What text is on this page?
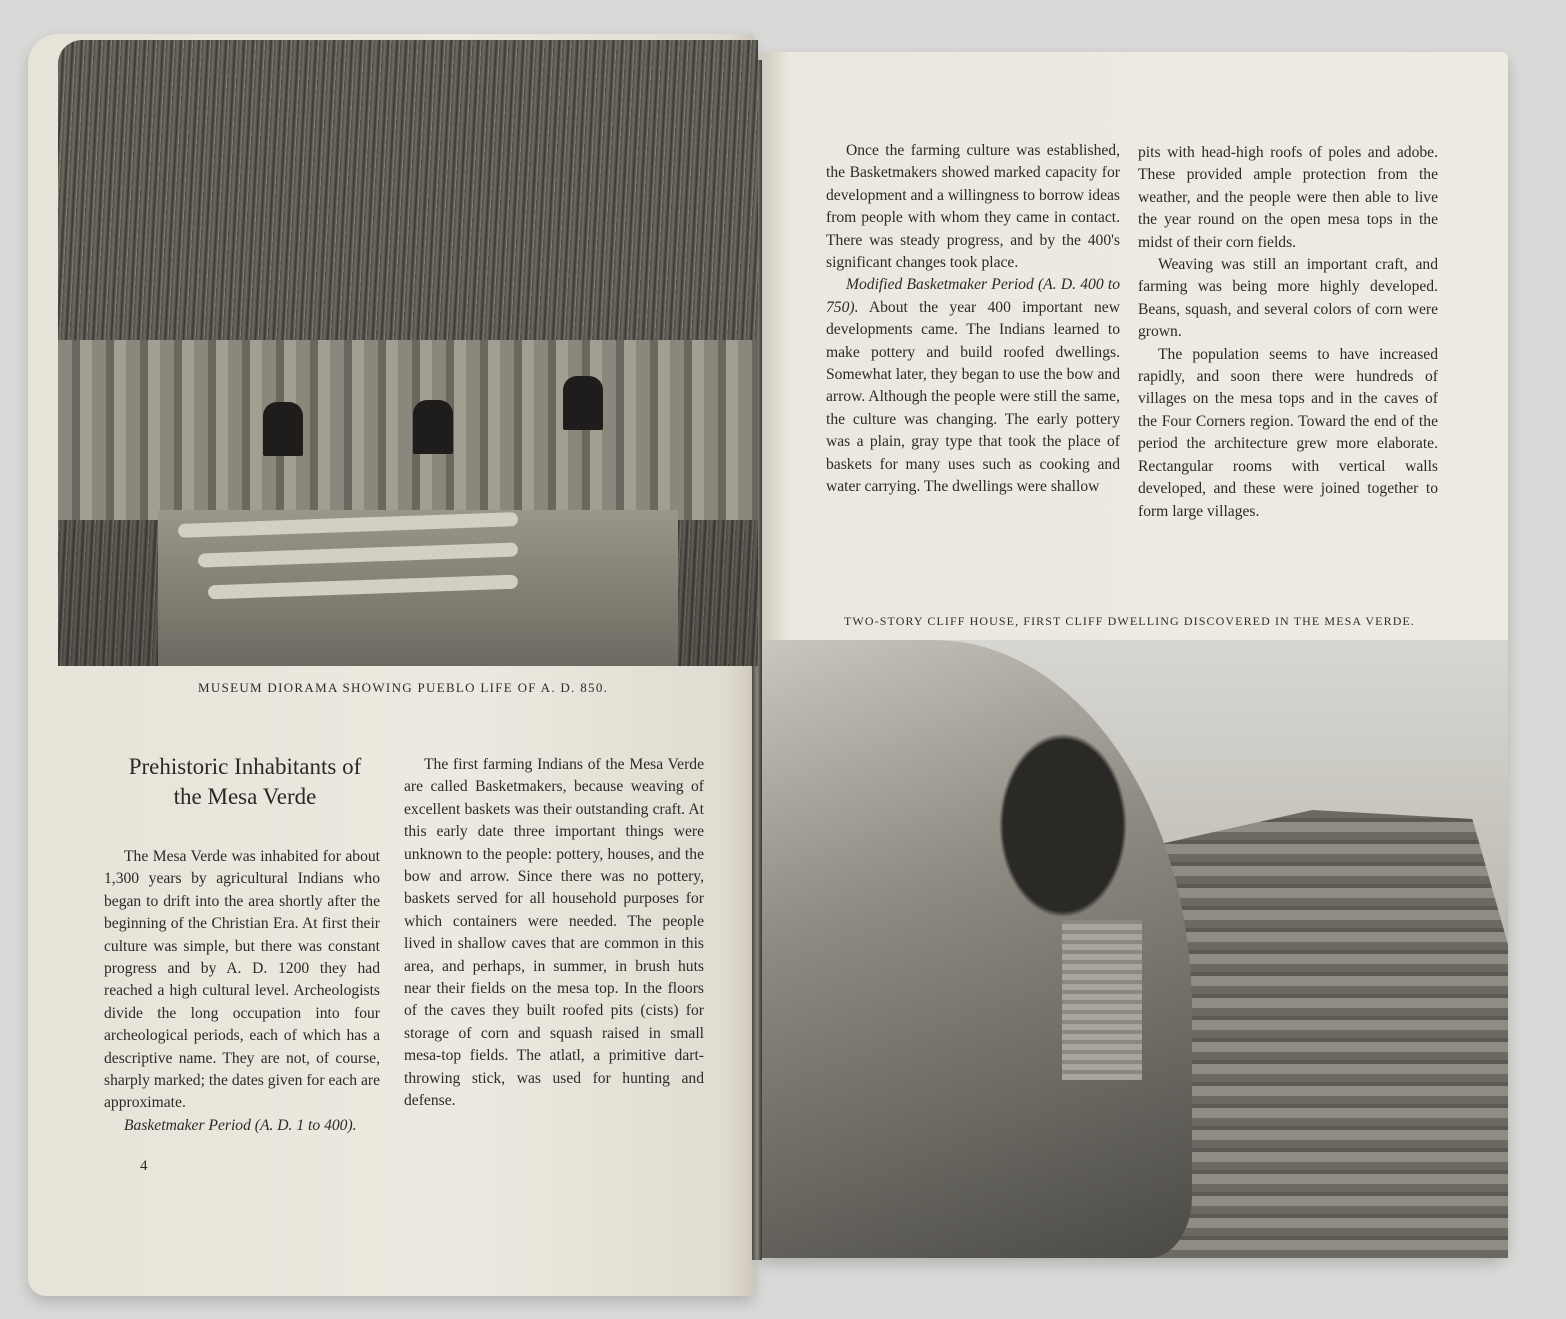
MUSEUM DIORAMA SHOWING PUEBLO LIFE OF A. D. 850.
Prehistoric Inhabitants of
the Mesa Verde

The Mesa Verde was inhabited for about 1,300 years by agricultural Indians who began to drift into the area shortly after the beginning of the Christian Era. At first their culture was simple, but there was constant progress and by A. D. 1200 they had reached a high cultural level. Archeologists divide the long occupation into four archeological periods, each of which has a descriptive name. They are not, of course, sharply marked; the dates given for each are approximate.

Basketmaker Period (A. D. 1 to 400).

The first farming Indians of the Mesa Verde are called Basketmakers, because weaving of excellent baskets was their outstanding craft. At this early date three important things were unknown to the people: pottery, houses, and the bow and arrow. Since there was no pottery, baskets served for all household purposes for which containers were needed. The people lived in shallow caves that are common in this area, and perhaps, in summer, in brush huts near their fields on the mesa top. In the floors of the caves they built roofed pits (cists) for storage of corn and squash raised in small mesa-top fields. The atlatl, a primitive dart-throwing stick, was used for hunting and defense.

4

Once the farming culture was established, the Basketmakers showed marked capacity for development and a willingness to borrow ideas from people with whom they came in contact. There was steady progress, and by the 400's significant changes took place.

Modified Basketmaker Period (A. D. 400 to 750). About the year 400 important new developments came. The Indians learned to make pottery and build roofed dwellings. Somewhat later, they began to use the bow and arrow. Although the people were still the same, the culture was changing. The early pottery was a plain, gray type that took the place of baskets for many uses such as cooking and water carrying. The dwellings were shallow

pits with head-high roofs of poles and adobe. These provided ample protection from the weather, and the people were then able to live the year round on the open mesa tops in the midst of their corn fields.

Weaving was still an important craft, and farming was being more highly developed. Beans, squash, and several colors of corn were grown.

The population seems to have increased rapidly, and soon there were hundreds of villages on the mesa tops and in the caves of the Four Corners region. Toward the end of the period the architecture grew more elaborate. Rectangular rooms with vertical walls developed, and these were joined together to form large villages.

TWO-STORY CLIFF HOUSE, FIRST CLIFF DWELLING DISCOVERED IN THE MESA VERDE.
